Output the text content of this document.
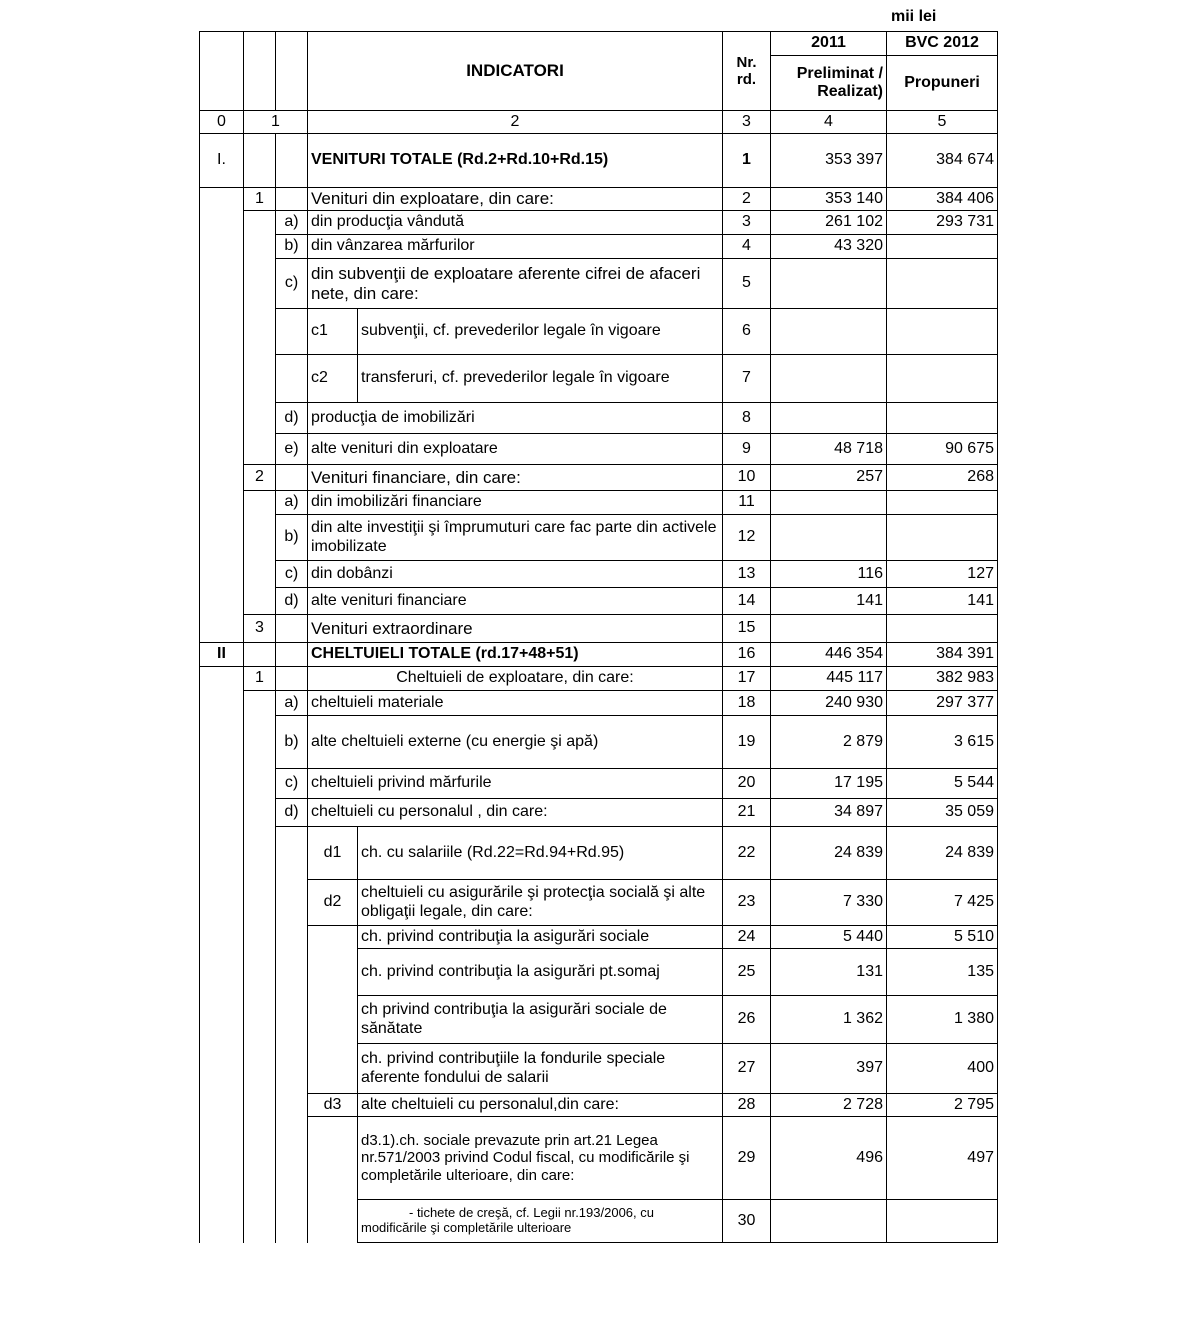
mii lei
			INDICATORI		Nr. rd.	2011	BVC 2012
						Preliminat / Realizat)	Propuneri
0	1		2		3	4	5
I.			VENITURI TOTALE (Rd.2+Rd.10+Rd.15)		1	353 397	384 674
	1		Venituri din exploatare, din care:		2	353 140	384 406
		a)	din producţia vândută		3	261 102	293 731
		b)	din vânzarea mărfurilor		4	43 320	
		c)	din subvenţii de exploatare aferente cifrei de afaceri nete, din care:		5		
			c1	subvenţii, cf. prevederilor legale în vigoare	6		
			c2	transferuri, cf. prevederilor legale în vigoare	7		
		d)	producţia de imobilizări		8		
		e)	alte venituri din exploatare		9	48 718	90 675
	2		Venituri financiare, din care:		10	257	268
		a)	din imobilizări financiare		11		
		b)	din alte investiţii şi împrumuturi care fac parte din activele imobilizate		12		
		c)	din dobânzi		13	116	127
		d)	alte venituri financiare		14	141	141
	3		Venituri extraordinare		15		
II			CHELTUIELI TOTALE (rd.17+48+51)		16	446 354	384 391
	1		Cheltuieli de exploatare, din care:		17	445 117	382 983
		a)	cheltuieli materiale		18	240 930	297 377
		b)	alte cheltuieli externe (cu energie şi apă)		19	2 879	3 615
		c)	cheltuieli privind mărfurile		20	17 195	5 544
		d)	cheltuieli cu personalul , din care:		21	34 897	35 059
			d1	ch. cu salariile (Rd.22=Rd.94+Rd.95)	22	24 839	24 839
			d2	cheltuieli cu asigurările şi protecţia socială şi alte obligaţii legale, din care:	23	7 330	7 425
				ch. privind contribuţia la asigurări sociale	24	5 440	5 510
				ch. privind contribuţia la asigurări pt.somaj	25	131	135
				ch privind contribuţia la asigurări sociale de sănătate	26	1 362	1 380
				ch. privind contribuţiile la fondurile speciale aferente fondului de salarii	27	397	400
			d3	alte cheltuieli cu personalul,din care:	28	2 728	2 795
				d3.1).ch. sociale prevazute prin art.21 Legea nr.571/2003 privind Codul fiscal, cu modificările şi completările ulterioare, din care:	29	496	497
				- tichete de creşă, cf. Legii nr.193/2006, cu modificările şi completările ulterioare	30		
